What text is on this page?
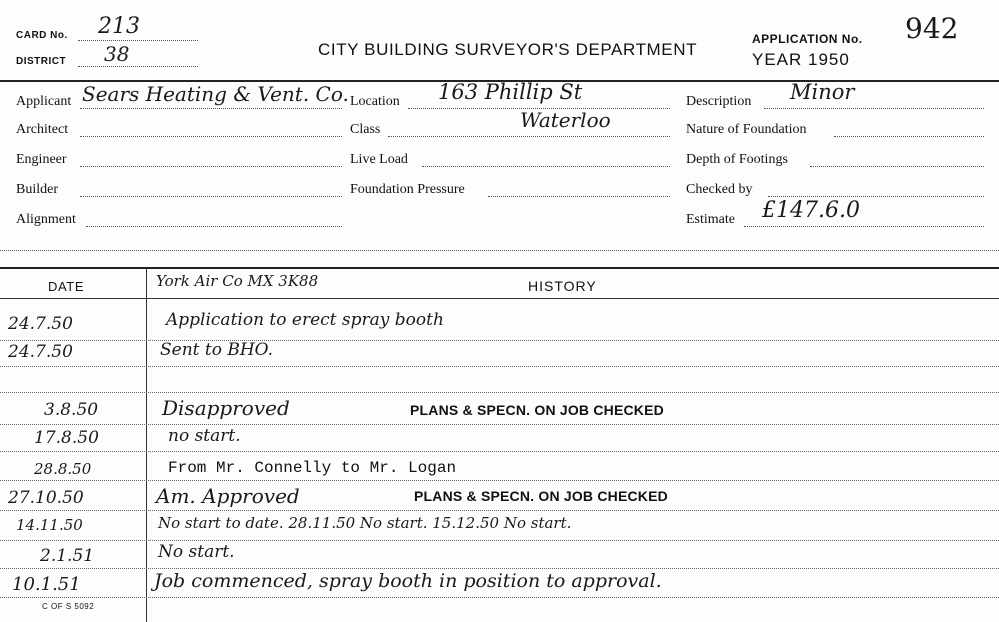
CARD No. 213
DISTRICT 38	CITY BUILDING SURVEYOR'S DEPARTMENT
APPLICATION No. 942
YEAR 1950
Applicant Sears Heating & Vent. Co.
Architect
Engineer
Builder
Alignment
Location 163 Phillip St
Class	Waterloo
Live Load
Foundation Pressure
Description Minor
Nature of Foundation
Depth of Footings
Checked by
Estimate £147.6.0
DATE	York Air Co MX 3K88	HISTORY
24.7.50	Application to erect spray booth
24.7.50	Sent to BHO.
3.8.50	Disapproved	PLANS & SPECN. ON JOB CHECKED
17.8.50	no start.
28.8.50	From Mr. Connelly to Mr. Logan
27.10.50	Am. Approved	PLANS & SPECN. ON JOB CHECKED
14.11.50	No start to date. 28.11.50 No start. 15.12.50 No start.
2.1.51	No start.
10.1.51	Job commenced, spray booth in position to approval.
C OF S 5092
